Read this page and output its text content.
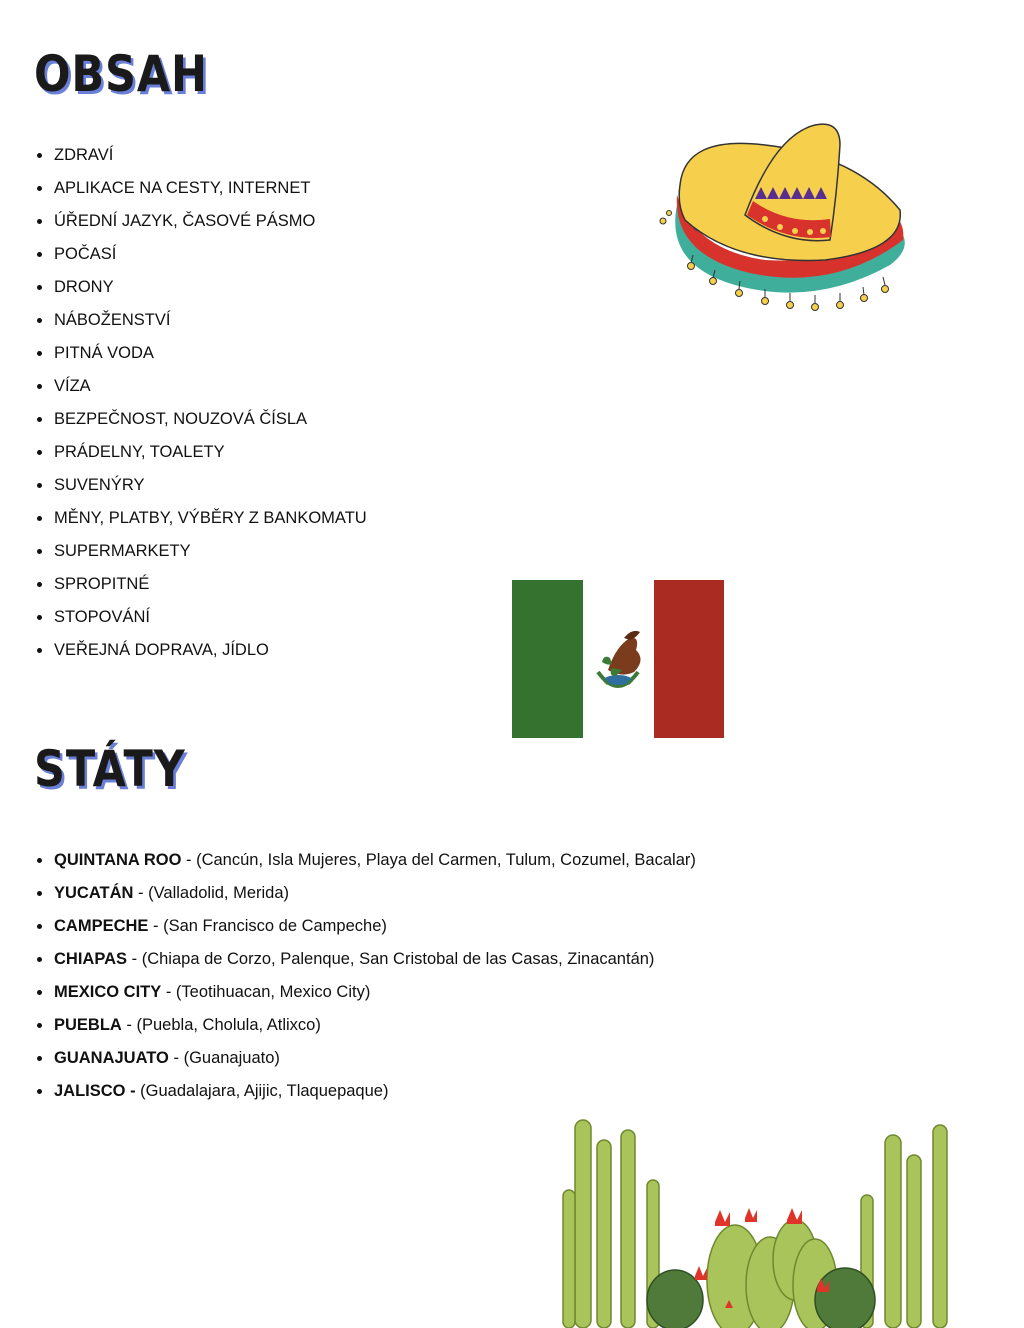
OBSAH
ZDRAVÍ
APLIKACE NA CESTY, INTERNET
ÚŘEDNÍ JAZYK, ČASOVÉ PÁSMO
POČASÍ
DRONY
NÁBOŽENSTVÍ
PITNÁ VODA
VÍZA
BEZPEČNOST, NOUZOVÁ ČÍSLA
PRÁDELNY, TOALETY
SUVENÝRY
MĚNY, PLATBY, VÝBĚRY Z BANKOMATU
SUPERMARKETY
SPROPITNÉ
STOPOVÁNÍ
VEŘEJNÁ DOPRAVA, JÍDLO
STÁTY
QUINTANA ROO - (Cancún, Isla Mujeres, Playa del Carmen, Tulum, Cozumel, Bacalar)
YUCATÁN - (Valladolid, Merida)
CAMPECHE - (San Francisco de Campeche)
CHIAPAS - (Chiapa de Corzo, Palenque, San Cristobal de las Casas, Zinacantán)
MEXICO CITY - (Teotihuacan, Mexico City)
PUEBLA - (Puebla, Cholula, Atlixco)
GUANAJUATO - (Guanajuato)
JALISCO - (Guadalajara, Ajijic, Tlaquepaque)
